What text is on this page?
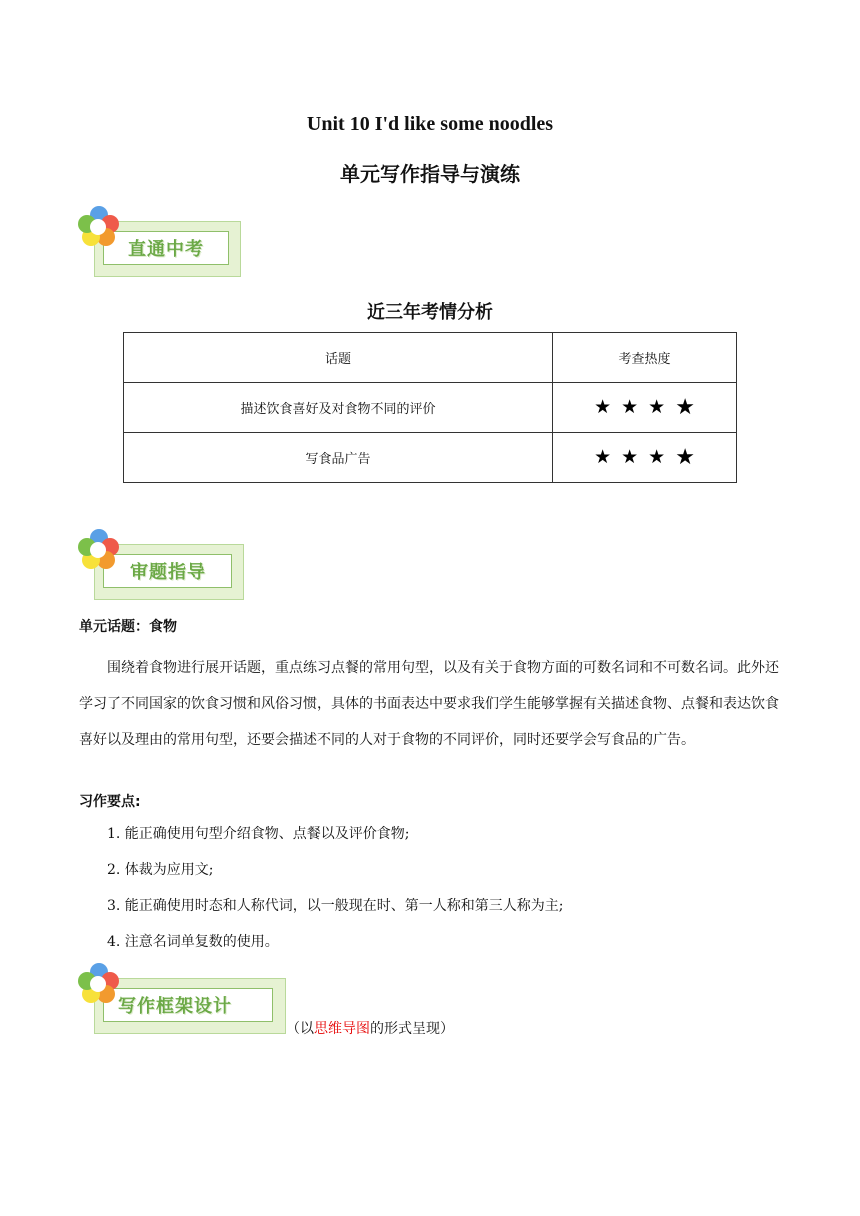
Unit 10 I'd like some noodles
单元写作指导与演练
直通中考
近三年考情分析
话题	考查热度
描述饮食喜好及对食物不同的评价	★ ★ ★ ★

写食品广告	★ ★ ★ ★
审题指导
单元话题：食物
围绕着食物进行展开话题，重点练习点餐的常用句型，以及有关于食物方面的可数名词和不可数名词。此外还学习了不同国家的饮食习惯和风俗习惯，具体的书面表达中要求我们学生能够掌握有关描述食物、点餐和表达饮食喜好以及理由的常用句型，还要会描述不同的人对于食物的不同评价，同时还要学会写食品的广告。
习作要点:
1. 能正确使用句型介绍食物、点餐以及评价食物;
2. 体裁为应用文;
3. 能正确使用时态和人称代词，以一般现在时、第一人称和第三人称为主;
4. 注意名词单复数的使用。
写作框架设计
（以思维导图的形式呈现）
